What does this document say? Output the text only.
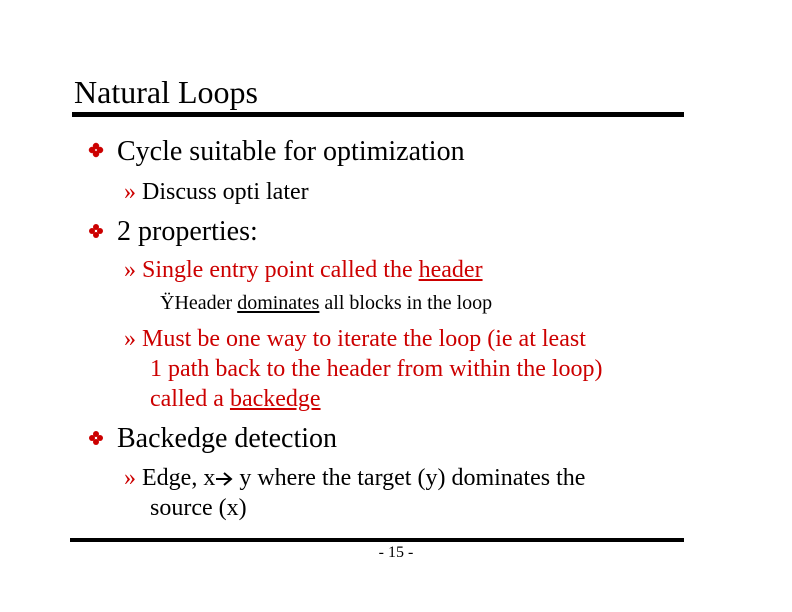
Natural Loops
Cycle suitable for optimization
» Discuss opti later
2 properties:
» Single entry point called the header
ŸHeader dominates all blocks in the loop
» Must be one way to iterate the loop (ie at least
1 path back to the header from within the loop)
called a backedge
Backedge detection
» Edge, x y where the target (y) dominates the
source (x)
- 15 -
